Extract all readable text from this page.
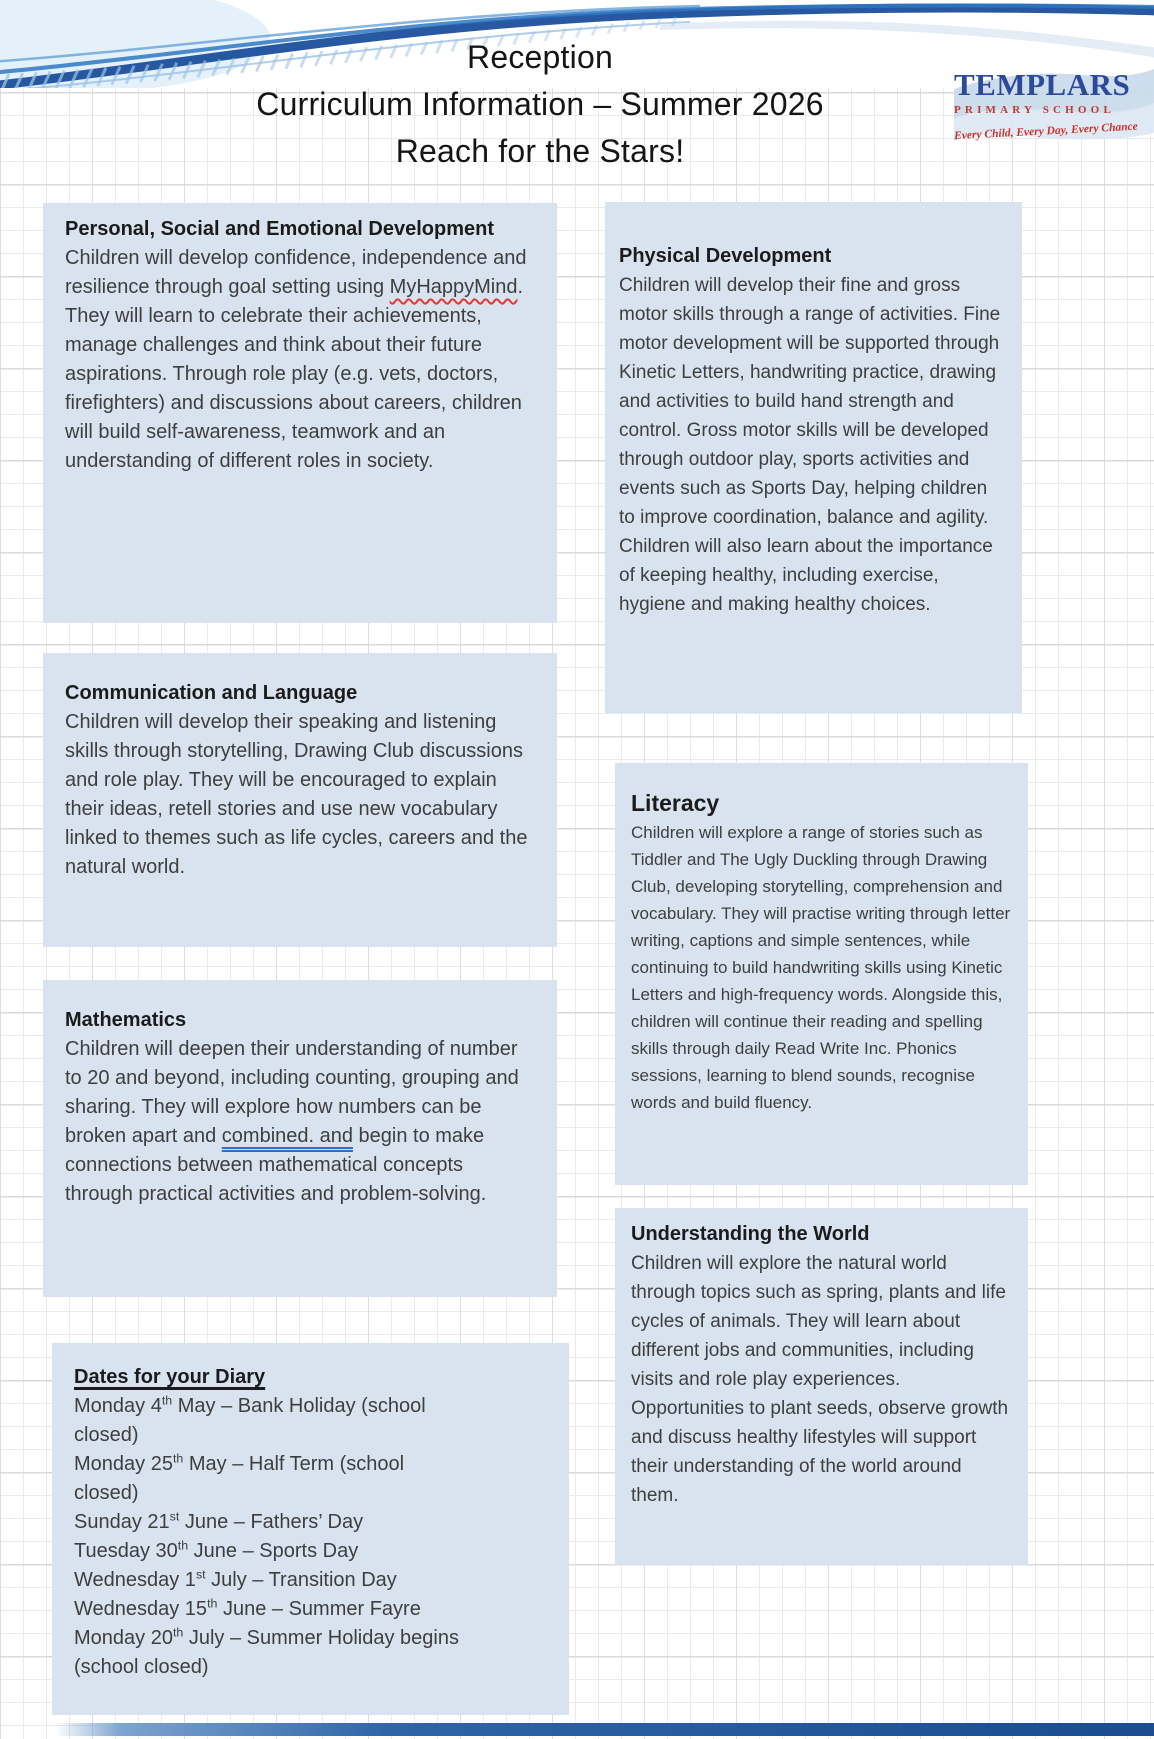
Reception
Curriculum Information – Summer 2026
Reach for the Stars!
TEMPLARS
PRIMARY SCHOOL
Every Child, Every Day, Every Chance
Personal, Social and Emotional Development

Children will develop confidence, independence and resilience through goal setting using MyHappyMind. They will learn to celebrate their achievements, manage challenges and think about their future aspirations. Through role play (e.g. vets, doctors, firefighters) and discussions about careers, children will build self-awareness, teamwork and an understanding of different roles in society.

Communication and Language

Children will develop their speaking and listening skills through storytelling, Drawing Club discussions and role play. They will be encouraged to explain their ideas, retell stories and use new vocabulary linked to themes such as life cycles, careers and the natural world.

Mathematics

Children will deepen their understanding of number to 20 and beyond, including counting, grouping and sharing. They will explore how numbers can be broken apart and combined. and begin to make connections between mathematical concepts through practical activities and problem-solving.

Dates for your Diary
Monday 4th May – Bank Holiday (school closed)
Monday 25th May – Half Term (school closed)
Sunday 21st June – Fathers’ Day
Tuesday 30th June – Sports Day
Wednesday 1st July – Transition Day
Wednesday 15th June – Summer Fayre
Monday 20th July – Summer Holiday begins (school closed)
Physical Development

Children will develop their fine and gross motor skills through a range of activities. Fine motor development will be supported through Kinetic Letters, handwriting practice, drawing and activities to build hand strength and control. Gross motor skills will be developed through outdoor play, sports activities and events such as Sports Day, helping children to improve coordination, balance and agility. Children will also learn about the importance of keeping healthy, including exercise, hygiene and making healthy choices.

Literacy

Children will explore a range of stories such as Tiddler and The Ugly Duckling through Drawing Club, developing storytelling, comprehension and vocabulary. They will practise writing through letter writing, captions and simple sentences, while continuing to build handwriting skills using Kinetic Letters and high-frequency words. Alongside this, children will continue their reading and spelling skills through daily Read Write Inc. Phonics sessions, learning to blend sounds, recognise words and build fluency.

Understanding the World

Children will explore the natural world through topics such as spring, plants and life cycles of animals. They will learn about different jobs and communities, including visits and role play experiences. Opportunities to plant seeds, observe growth and discuss healthy lifestyles will support their understanding of the world around them.
